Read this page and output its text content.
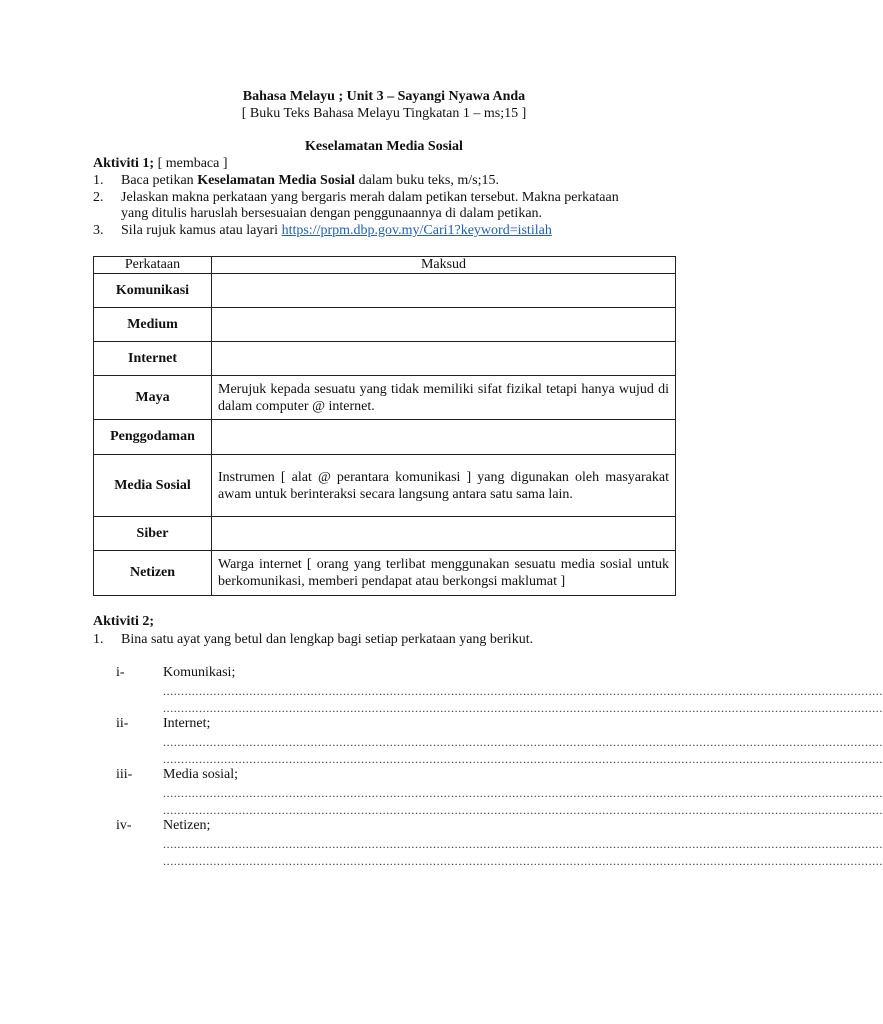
Bahasa Melayu ; Unit 3 – Sayangi Nyawa Anda
[ Buku Teks Bahasa Melayu Tingkatan 1 – ms;15 ]
Keselamatan Media Sosial
Aktiviti 1; [ membaca ]
1. Baca petikan Keselamatan Media Sosial dalam buku teks, m/s;15.
2. Jelaskan makna perkataan yang bergaris merah dalam petikan tersebut. Makna perkataan
yang ditulis haruslah bersesuaian dengan penggunaannya di dalam petikan.
3. Sila rujuk kamus atau layari https://prpm.dbp.gov.my/Cari1?keyword=istilah
Perkataan	Maksud
Komunikasi	
Medium	
Internet	
Maya	Merujuk kepada sesuatu yang tidak memiliki sifat fizikal tetapi hanya wujud di dalam computer @ internet.
Penggodaman	
Media Sosial	Instrumen [ alat @ perantara komunikasi ] yang digunakan oleh masyarakat awam untuk berinteraksi secara langsung antara satu sama lain.
Siber	
Netizen	Warga internet [ orang yang terlibat menggunakan sesuatu media sosial untuk berkomunikasi, memberi pendapat atau berkongsi maklumat ]
Aktiviti 2;
1. Bina satu ayat yang betul dan lengkap bagi setiap perkataan yang berikut.
i-	Komunikasi;
........................................................................................................................................................................................................
........................................................................................................................................................................................................
ii- Internet;
........................................................................................................................................................................................................
........................................................................................................................................................................................................
iii- Media sosial;
........................................................................................................................................................................................................
........................................................................................................................................................................................................
iv- Netizen;
........................................................................................................................................................................................................
........................................................................................................................................................................................................
